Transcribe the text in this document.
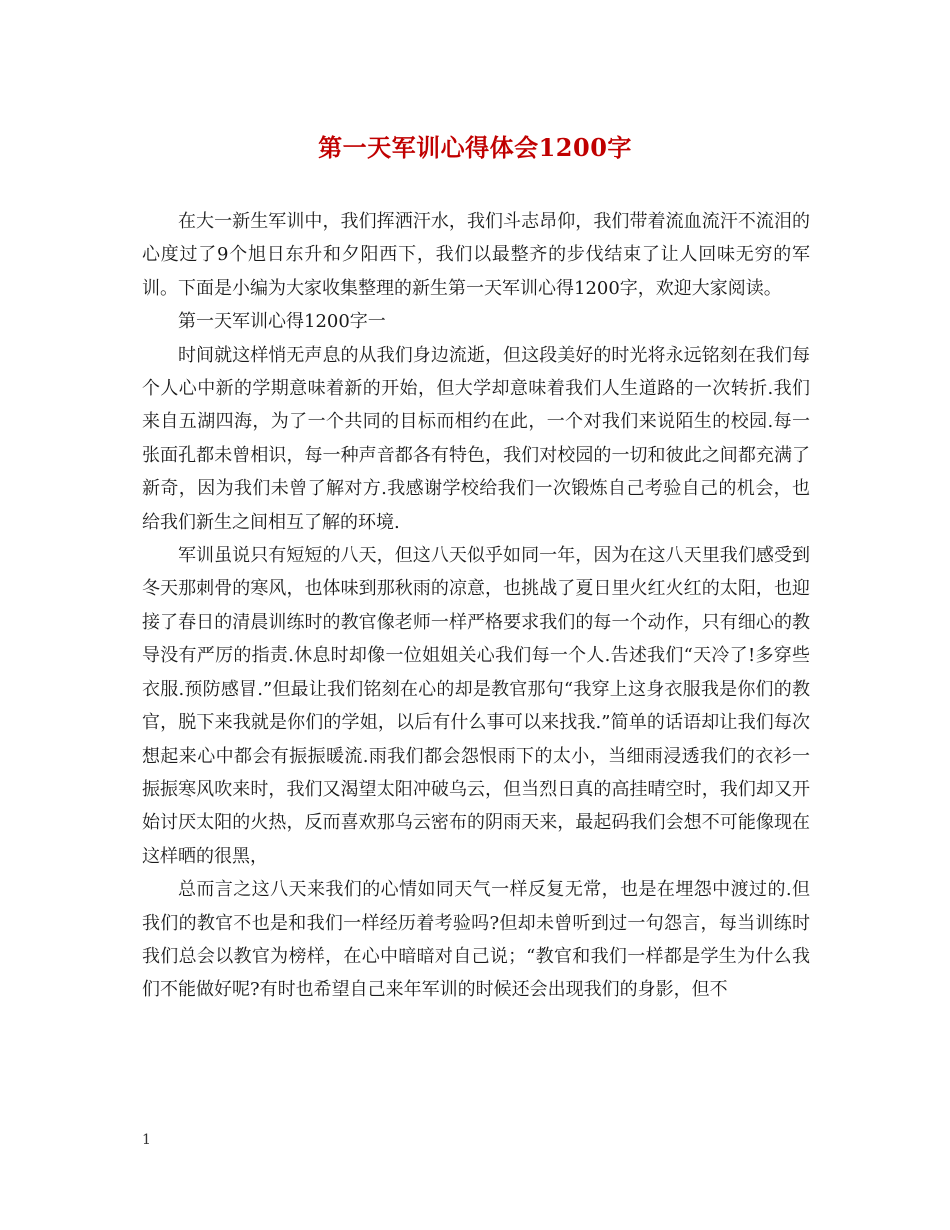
第一天军训心得体会1200字

在大一新生军训中，我们挥洒汗水，我们斗志昂仰，我们带着流血流汗不流泪的心度过了9个旭日东升和夕阳西下，我们以最整齐的步伐结束了让人回味无穷的军训。下面是小编为大家收集整理的新生第一天军训心得1200字，欢迎大家阅读。

第一天军训心得1200字一

时间就这样悄无声息的从我们身边流逝，但这段美好的时光将永远铭刻在我们每个人心中新的学期意味着新的开始，但大学却意味着我们人生道路的一次转折.我们来自五湖四海，为了一个共同的目标而相约在此，一个对我们来说陌生的校园.每一张面孔都未曾相识，每一种声音都各有特色，我们对校园的一切和彼此之间都充满了新奇，因为我们未曾了解对方.我感谢学校给我们一次锻炼自己考验自己的机会，也给我们新生之间相互了解的环境.

军训虽说只有短短的八天，但这八天似乎如同一年，因为在这八天里我们感受到冬天那刺骨的寒风，也体味到那秋雨的凉意，也挑战了夏日里火红火红的太阳，也迎接了春日的清晨训练时的教官像老师一样严格要求我们的每一个动作，只有细心的教导没有严厉的指责.休息时却像一位姐姐关心我们每一个人.告述我们“天冷了!多穿些衣服.预防感冒.”但最让我们铭刻在心的却是教官那句“我穿上这身衣服我是你们的教官，脱下来我就是你们的学姐，以后有什么事可以来找我.”简单的话语却让我们每次想起来心中都会有振振暖流.雨我们都会怨恨雨下的太小，当细雨浸透我们的衣衫一振振寒风吹来时，我们又渴望太阳冲破乌云，但当烈日真的高挂晴空时，我们却又开始讨厌太阳的火热，反而喜欢那乌云密布的阴雨天来，最起码我们会想不可能像现在这样晒的很黑，

总而言之这八天来我们的心情如同天气一样反复无常，也是在埋怨中渡过的.但我们的教官不也是和我们一样经历着考验吗?但却未曾听到过一句怨言，每当训练时我们总会以教官为榜样，在心中暗暗对自己说；“教官和我们一样都是学生为什么我们不能做好呢?有时也希望自己来年军训的时候还会出现我们的身影，但不

1
